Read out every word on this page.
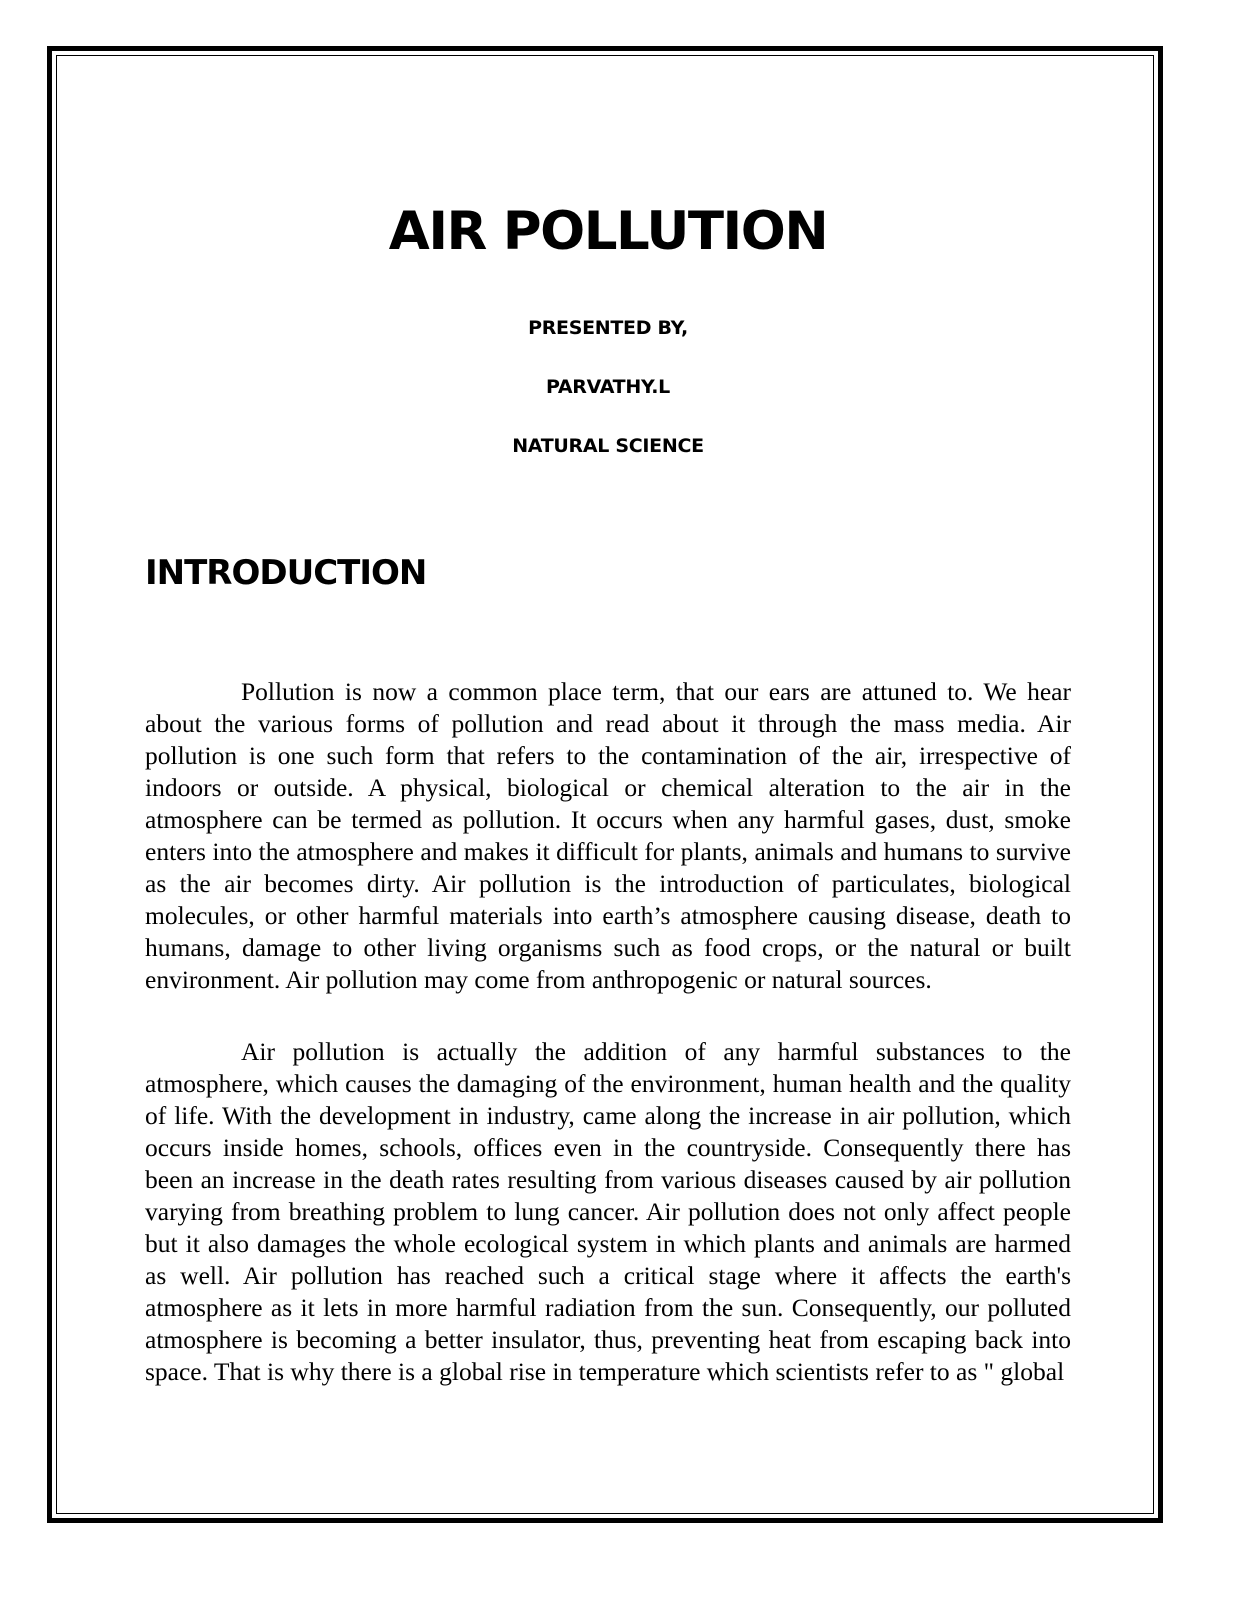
AIR POLLUTION
PRESENTED BY,
PARVATHY.L
NATURAL SCIENCE
INTRODUCTION

Pollution is now a common place term, that our ears are attuned to. We hear about the various forms of pollution and read about it through the mass media. Air pollution is one such form that refers to the contamination of the air, irrespective of indoors or outside. A physical, biological or chemical alteration to the air in the atmosphere can be termed as pollution. It occurs when any harmful gases, dust, smoke enters into the atmosphere and makes it difficult for plants, animals and humans to survive as the air becomes dirty. Air pollution is the introduction of particulates, biological molecules, or other harmful materials into earth’s atmosphere causing disease, death to humans, damage to other living organisms such as food crops, or the natural or built environment. Air pollution may come from anthropogenic or natural sources.

Air pollution is actually the addition of any harmful substances to the atmosphere, which causes the damaging of the environment, human health and the quality of life. With the development in industry, came along the increase in air pollution, which occurs inside homes, schools, offices even in the countryside. Consequently there has been an increase in the death rates resulting from various diseases caused by air pollution varying from breathing problem to lung cancer. Air pollution does not only affect people but it also damages the whole ecological system in which plants and animals are harmed as well. Air pollution has reached such a critical stage where it affects the earth's atmosphere as it lets in more harmful radiation from the sun. Consequently, our polluted atmosphere is becoming a better insulator, thus, preventing heat from escaping back into space. That is why there is a global rise in temperature which scientists refer to as " global
